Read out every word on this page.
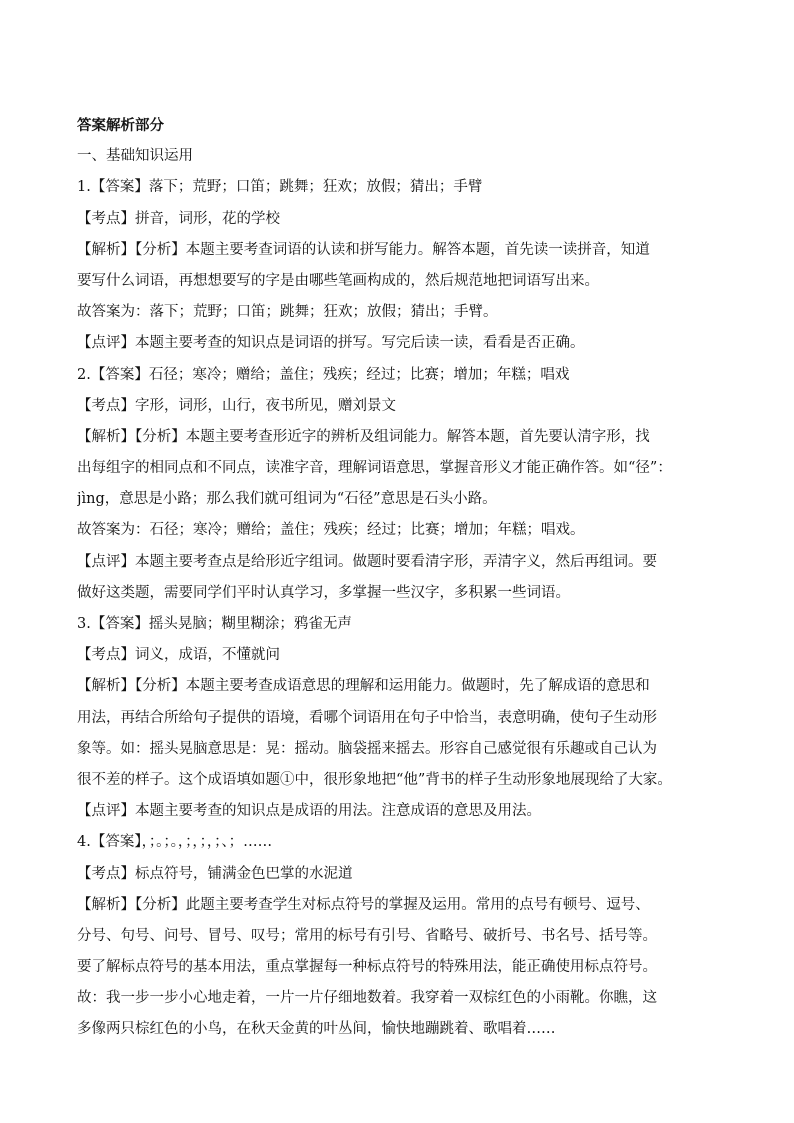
答案解析部分
一、基础知识运用
1.【答案】落下；荒野；口笛；跳舞；狂欢；放假；猜出；手臂
【考点】拼音，词形，花的学校
【解析】【分析】本题主要考查词语的认读和拼写能力。解答本题，首先读一读拼音，知道
要写什么词语，再想想要写的字是由哪些笔画构成的，然后规范地把词语写出来。
故答案为：落下；荒野；口笛；跳舞；狂欢；放假；猜出；手臂。
【点评】本题主要考查的知识点是词语的拼写。写完后读一读，看看是否正确。
2.【答案】石径；寒冷；赠给；盖住；残疾；经过；比赛；增加；年糕；唱戏
【考点】字形，词形，山行，夜书所见，赠刘景文
【解析】【分析】本题主要考查形近字的辨析及组词能力。解答本题，首先要认清字形，找
出每组字的相同点和不同点，读准字音，理解词语意思，掌握音形义才能正确作答。如“径”：
jìng，意思是小路；那么我们就可组词为“石径”意思是石头小路。
故答案为：石径；寒冷；赠给；盖住；残疾；经过；比赛；增加；年糕；唱戏。
【点评】本题主要考查点是给形近字组词。做题时要看清字形，弄清字义，然后再组词。要
做好这类题，需要同学们平时认真学习，多掌握一些汉字，多积累一些词语。
3.【答案】摇头晃脑；糊里糊涂；鸦雀无声
【考点】词义，成语，不懂就问
【解析】【分析】本题主要考查成语意思的理解和运用能力。做题时，先了解成语的意思和
用法，再结合所给句子提供的语境，看哪个词语用在句子中恰当，表意明确，使句子生动形
象等。如：摇头晃脑意思是：晃：摇动。脑袋摇来摇去。形容自己感觉很有乐趣或自己认为
很不差的样子。这个成语填如题①中，很形象地把“他”背书的样子生动形象地展现给了大家。
【点评】本题主要考查的知识点是成语的用法。注意成语的意思及用法。
4.【答案】，；。；。，；，；，；、；……
【考点】标点符号，铺满金色巴掌的水泥道
【解析】【分析】此题主要考查学生对标点符号的掌握及运用。常用的点号有顿号、逗号、
分号、句号、问号、冒号、叹号；常用的标号有引号、省略号、破折号、书名号、括号等。
要了解标点符号的基本用法，重点掌握每一种标点符号的特殊用法，能正确使用标点符号。
故：我一步一步小心地走着，一片一片仔细地数着。我穿着一双棕红色的小雨靴。你瞧，这
多像两只棕红色的小鸟，在秋天金黄的叶丛间，愉快地蹦跳着、歌唱着……
